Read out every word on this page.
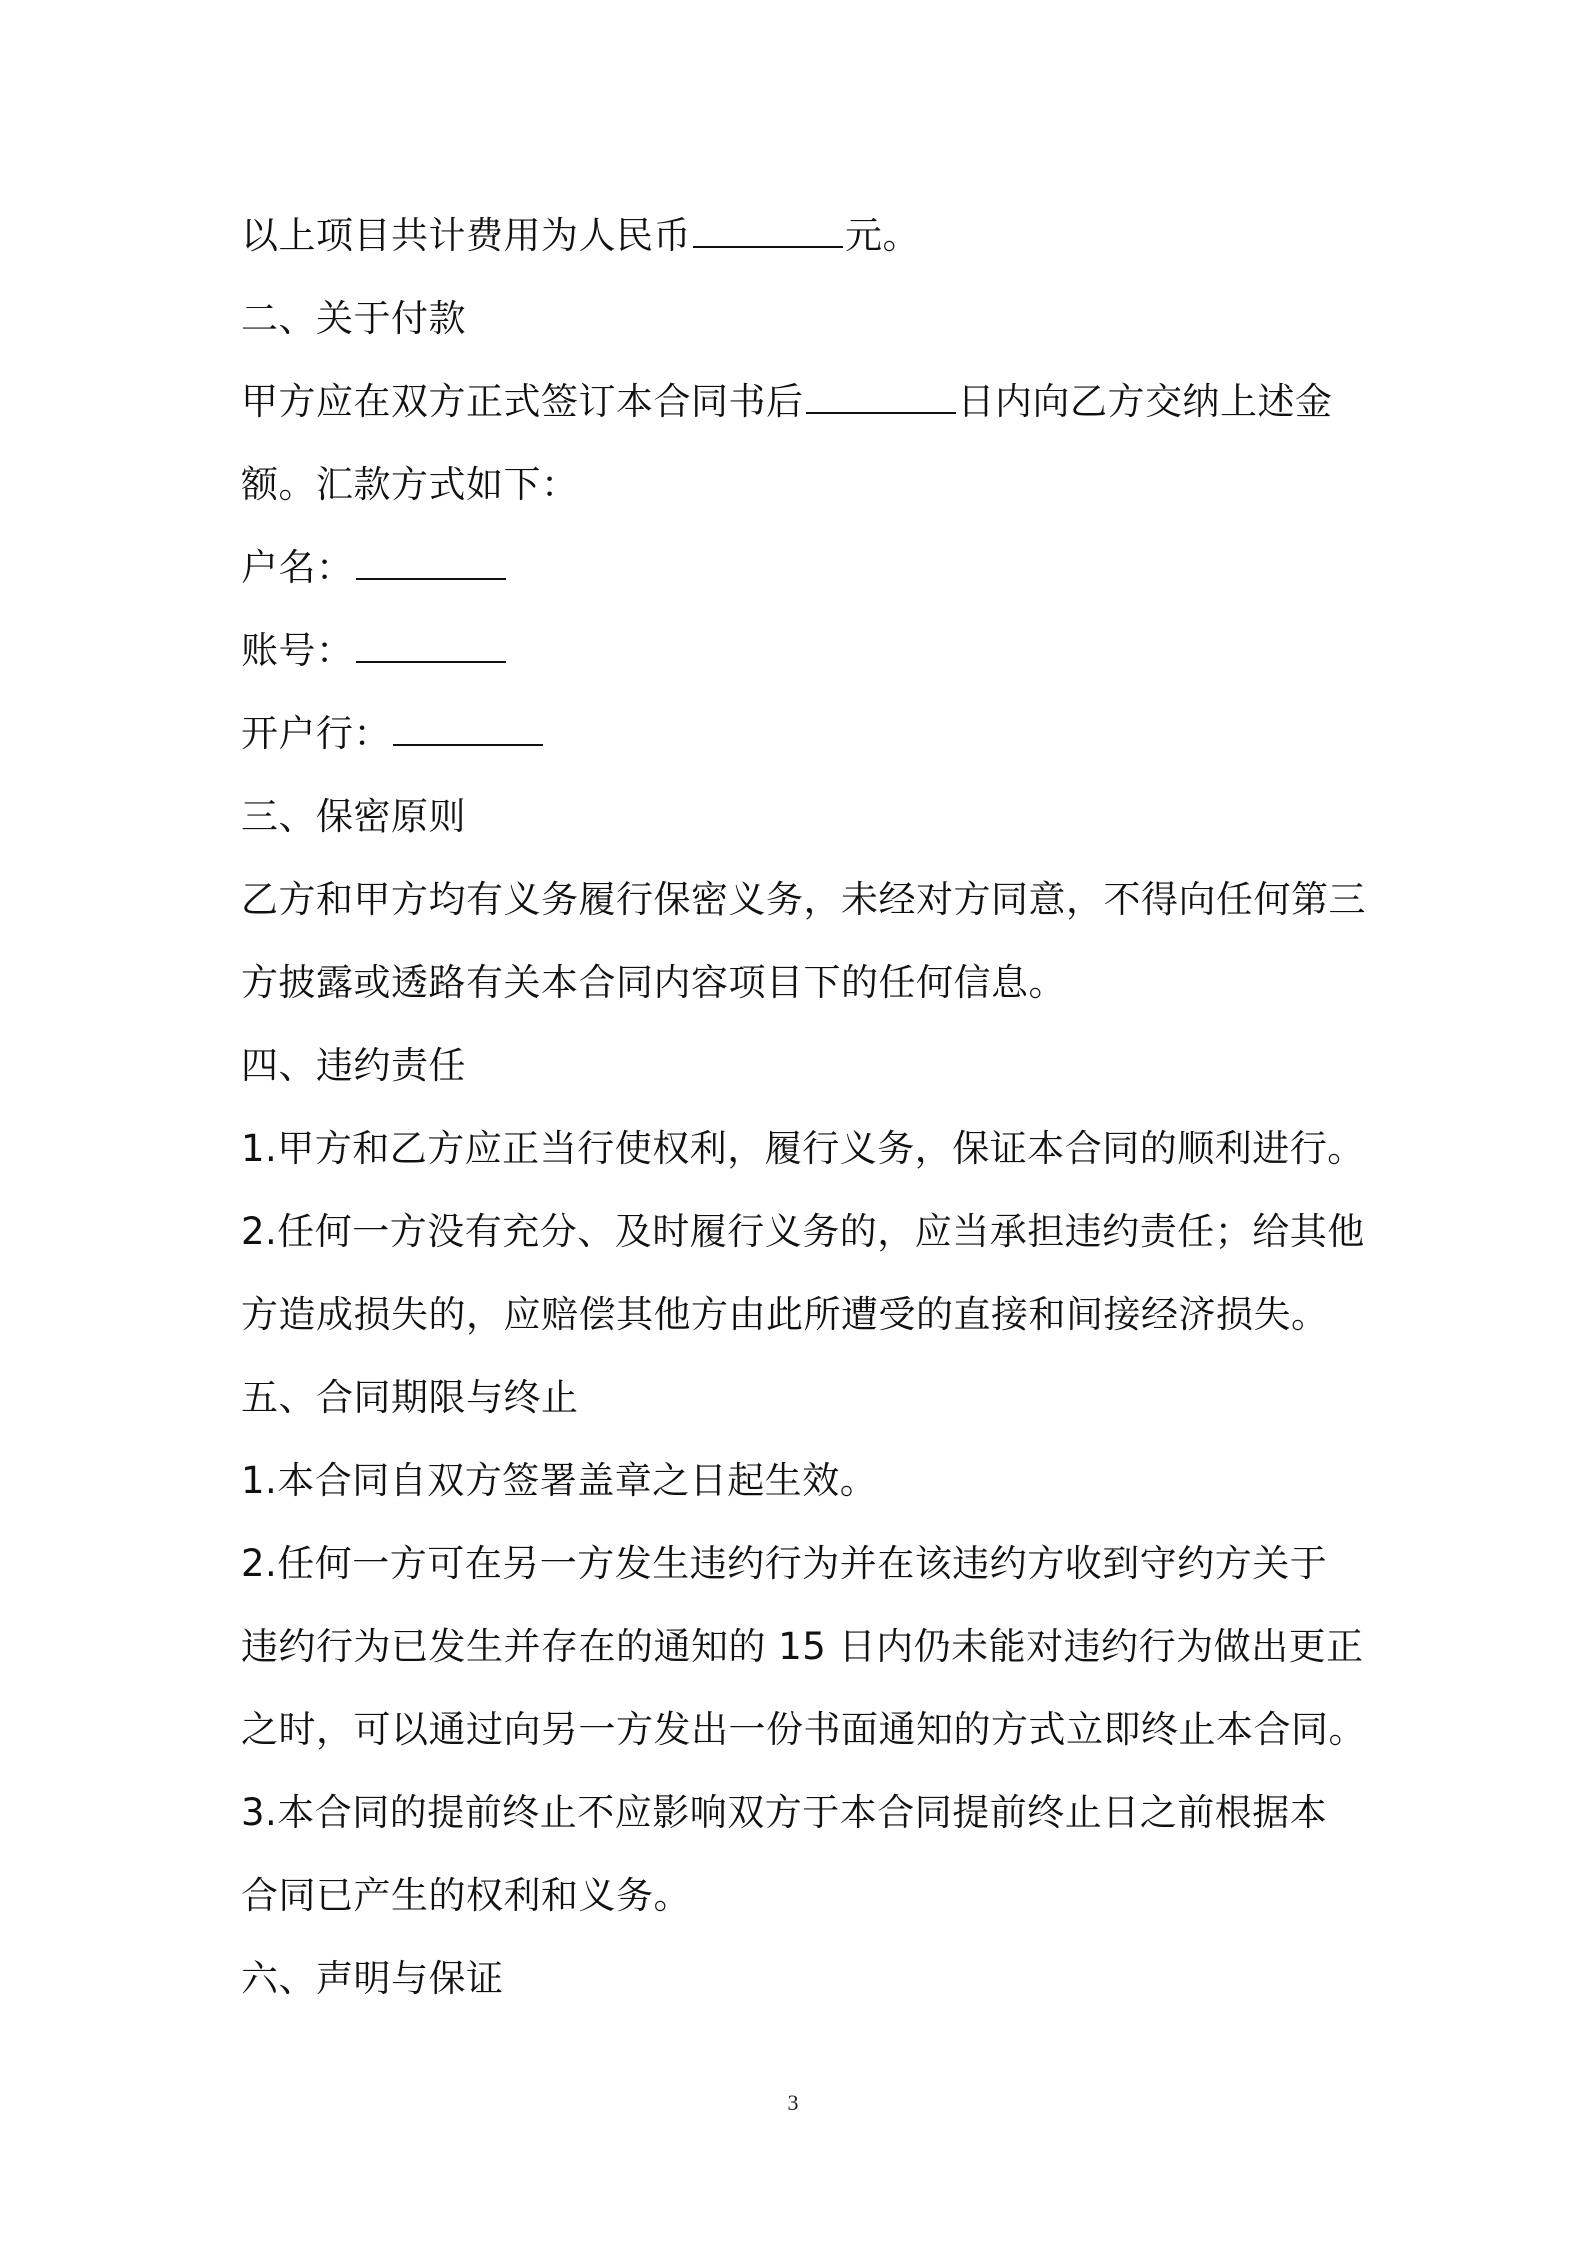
以上项目共计费用为人民币	元。
二、关于付款
甲方应在双方正式签订本合同书后	日内向乙方交纳上述金
额。汇款方式如下：
户名：
账号：
开户行：
三、保密原则
乙方和甲方均有义务履行保密义务，未经对方同意，不得向任何第三
方披露或透路有关本合同内容项目下的任何信息。
四、违约责任
1.甲方和乙方应正当行使权利，履行义务，保证本合同的顺利进行。
2.任何一方没有充分、及时履行义务的，应当承担违约责任；给其他
方造成损失的，应赔偿其他方由此所遭受的直接和间接经济损失。
五、合同期限与终止
1.本合同自双方签署盖章之日起生效。
2.任何一方可在另一方发生违约行为并在该违约方收到守约方关于
违约行为已发生并存在的通知的 15 日内仍未能对违约行为做出更正
之时，可以通过向另一方发出一份书面通知的方式立即终止本合同。
3.本合同的提前终止不应影响双方于本合同提前终止日之前根据本
合同已产生的权利和义务。
六、声明与保证
3
